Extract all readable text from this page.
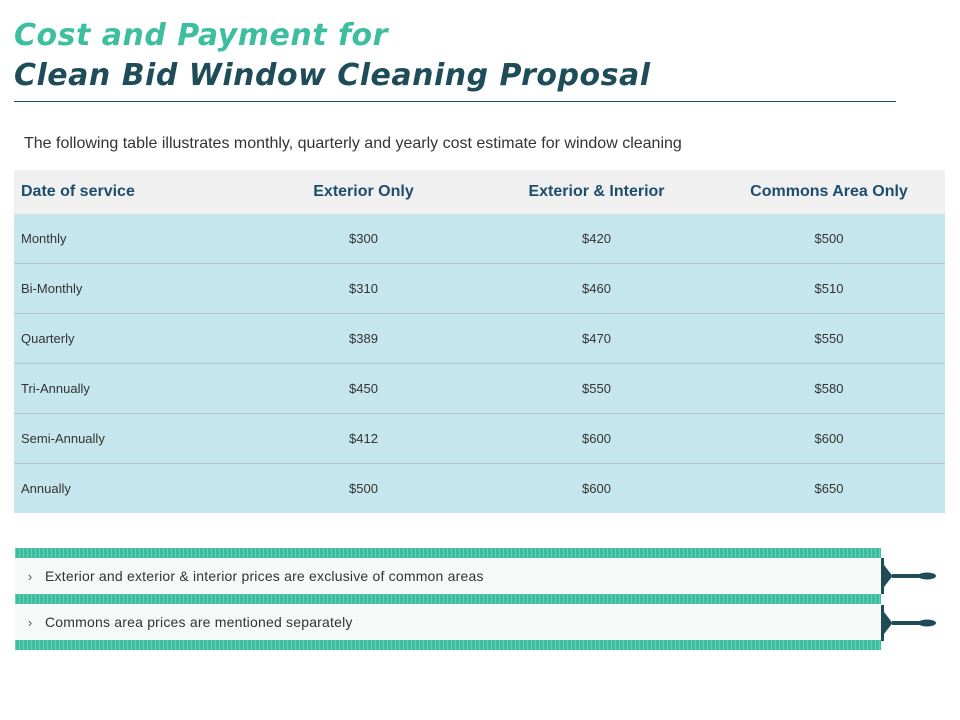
Cost and Payment for
Clean Bid Window Cleaning Proposal
The following table illustrates monthly, quarterly and yearly cost estimate for window cleaning
Date of service	Exterior Only	Exterior & Interior	Commons Area Only
Monthly	$300	$420	$500
Bi-Monthly	$310	$460	$510
Quarterly	$389	$470	$550
Tri-Annually	$450	$550	$580
Semi-Annually	$412	$600	$600
Annually	$500	$600	$650
› Exterior and exterior & interior prices are exclusive of common areas
› Commons area prices are mentioned separately
